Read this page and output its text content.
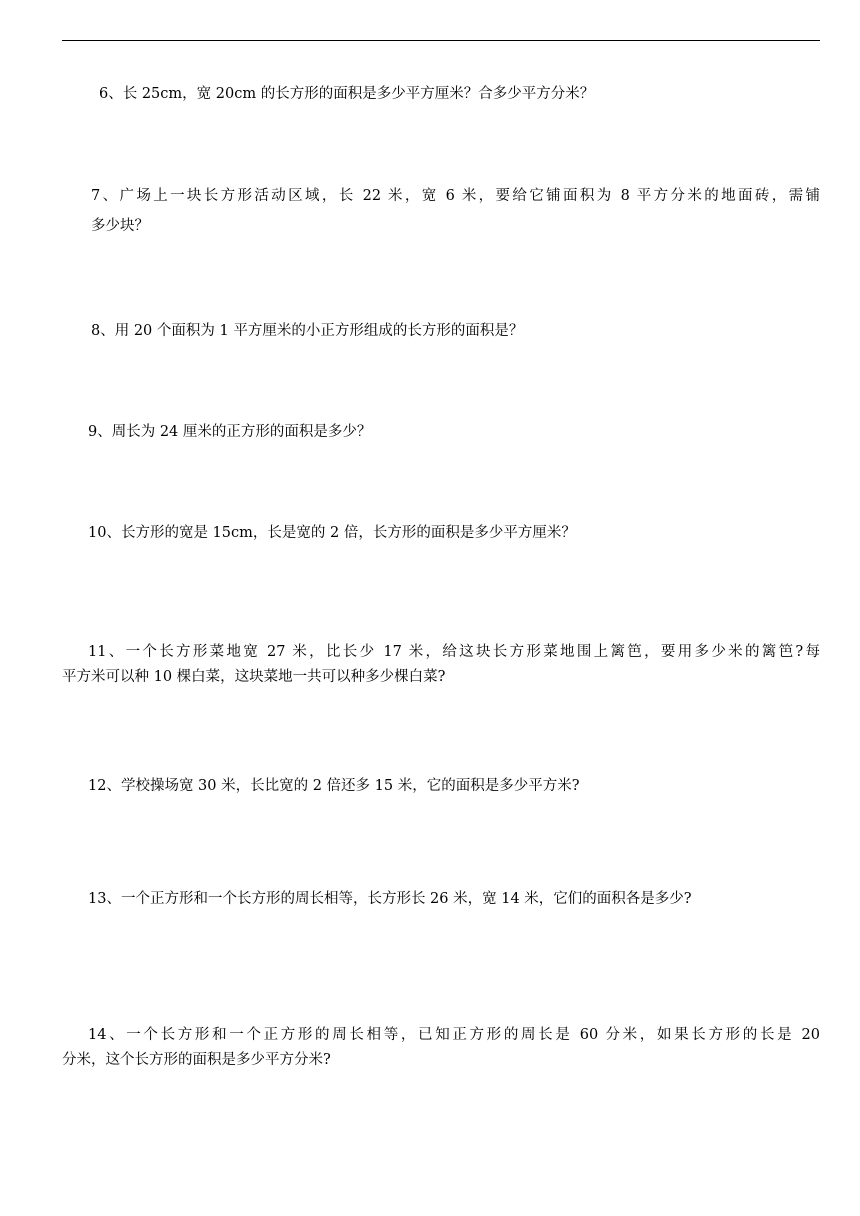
6、长 25cm，宽 20cm 的长方形的面积是多少平方厘米？合多少平方分米？
7、广场上一块长方形活动区域，长 22 米，宽 6 米，要给它铺面积为 8 平方分米的地面砖，需铺
多少块？
8、用 20 个面积为 1 平方厘米的小正方形组成的长方形的面积是？
9、周长为 24 厘米的正方形的面积是多少？
10、长方形的宽是 15cm，长是宽的 2 倍，长方形的面积是多少平方厘米？
11、一个长方形菜地宽 27 米，比长少 17 米，给这块长方形菜地围上篱笆，要用多少米的篱笆?每
平方米可以种 10 棵白菜，这块菜地一共可以种多少棵白菜?
12、学校操场宽 30 米，长比宽的 2 倍还多 15 米，它的面积是多少平方米?
13、一个正方形和一个长方形的周长相等，长方形长 26 米，宽 14 米，它们的面积各是多少?
14、一个长方形和一个正方形的周长相等，已知正方形的周长是 60 分米，如果长方形的长是 20
分米，这个长方形的面积是多少平方分米?
